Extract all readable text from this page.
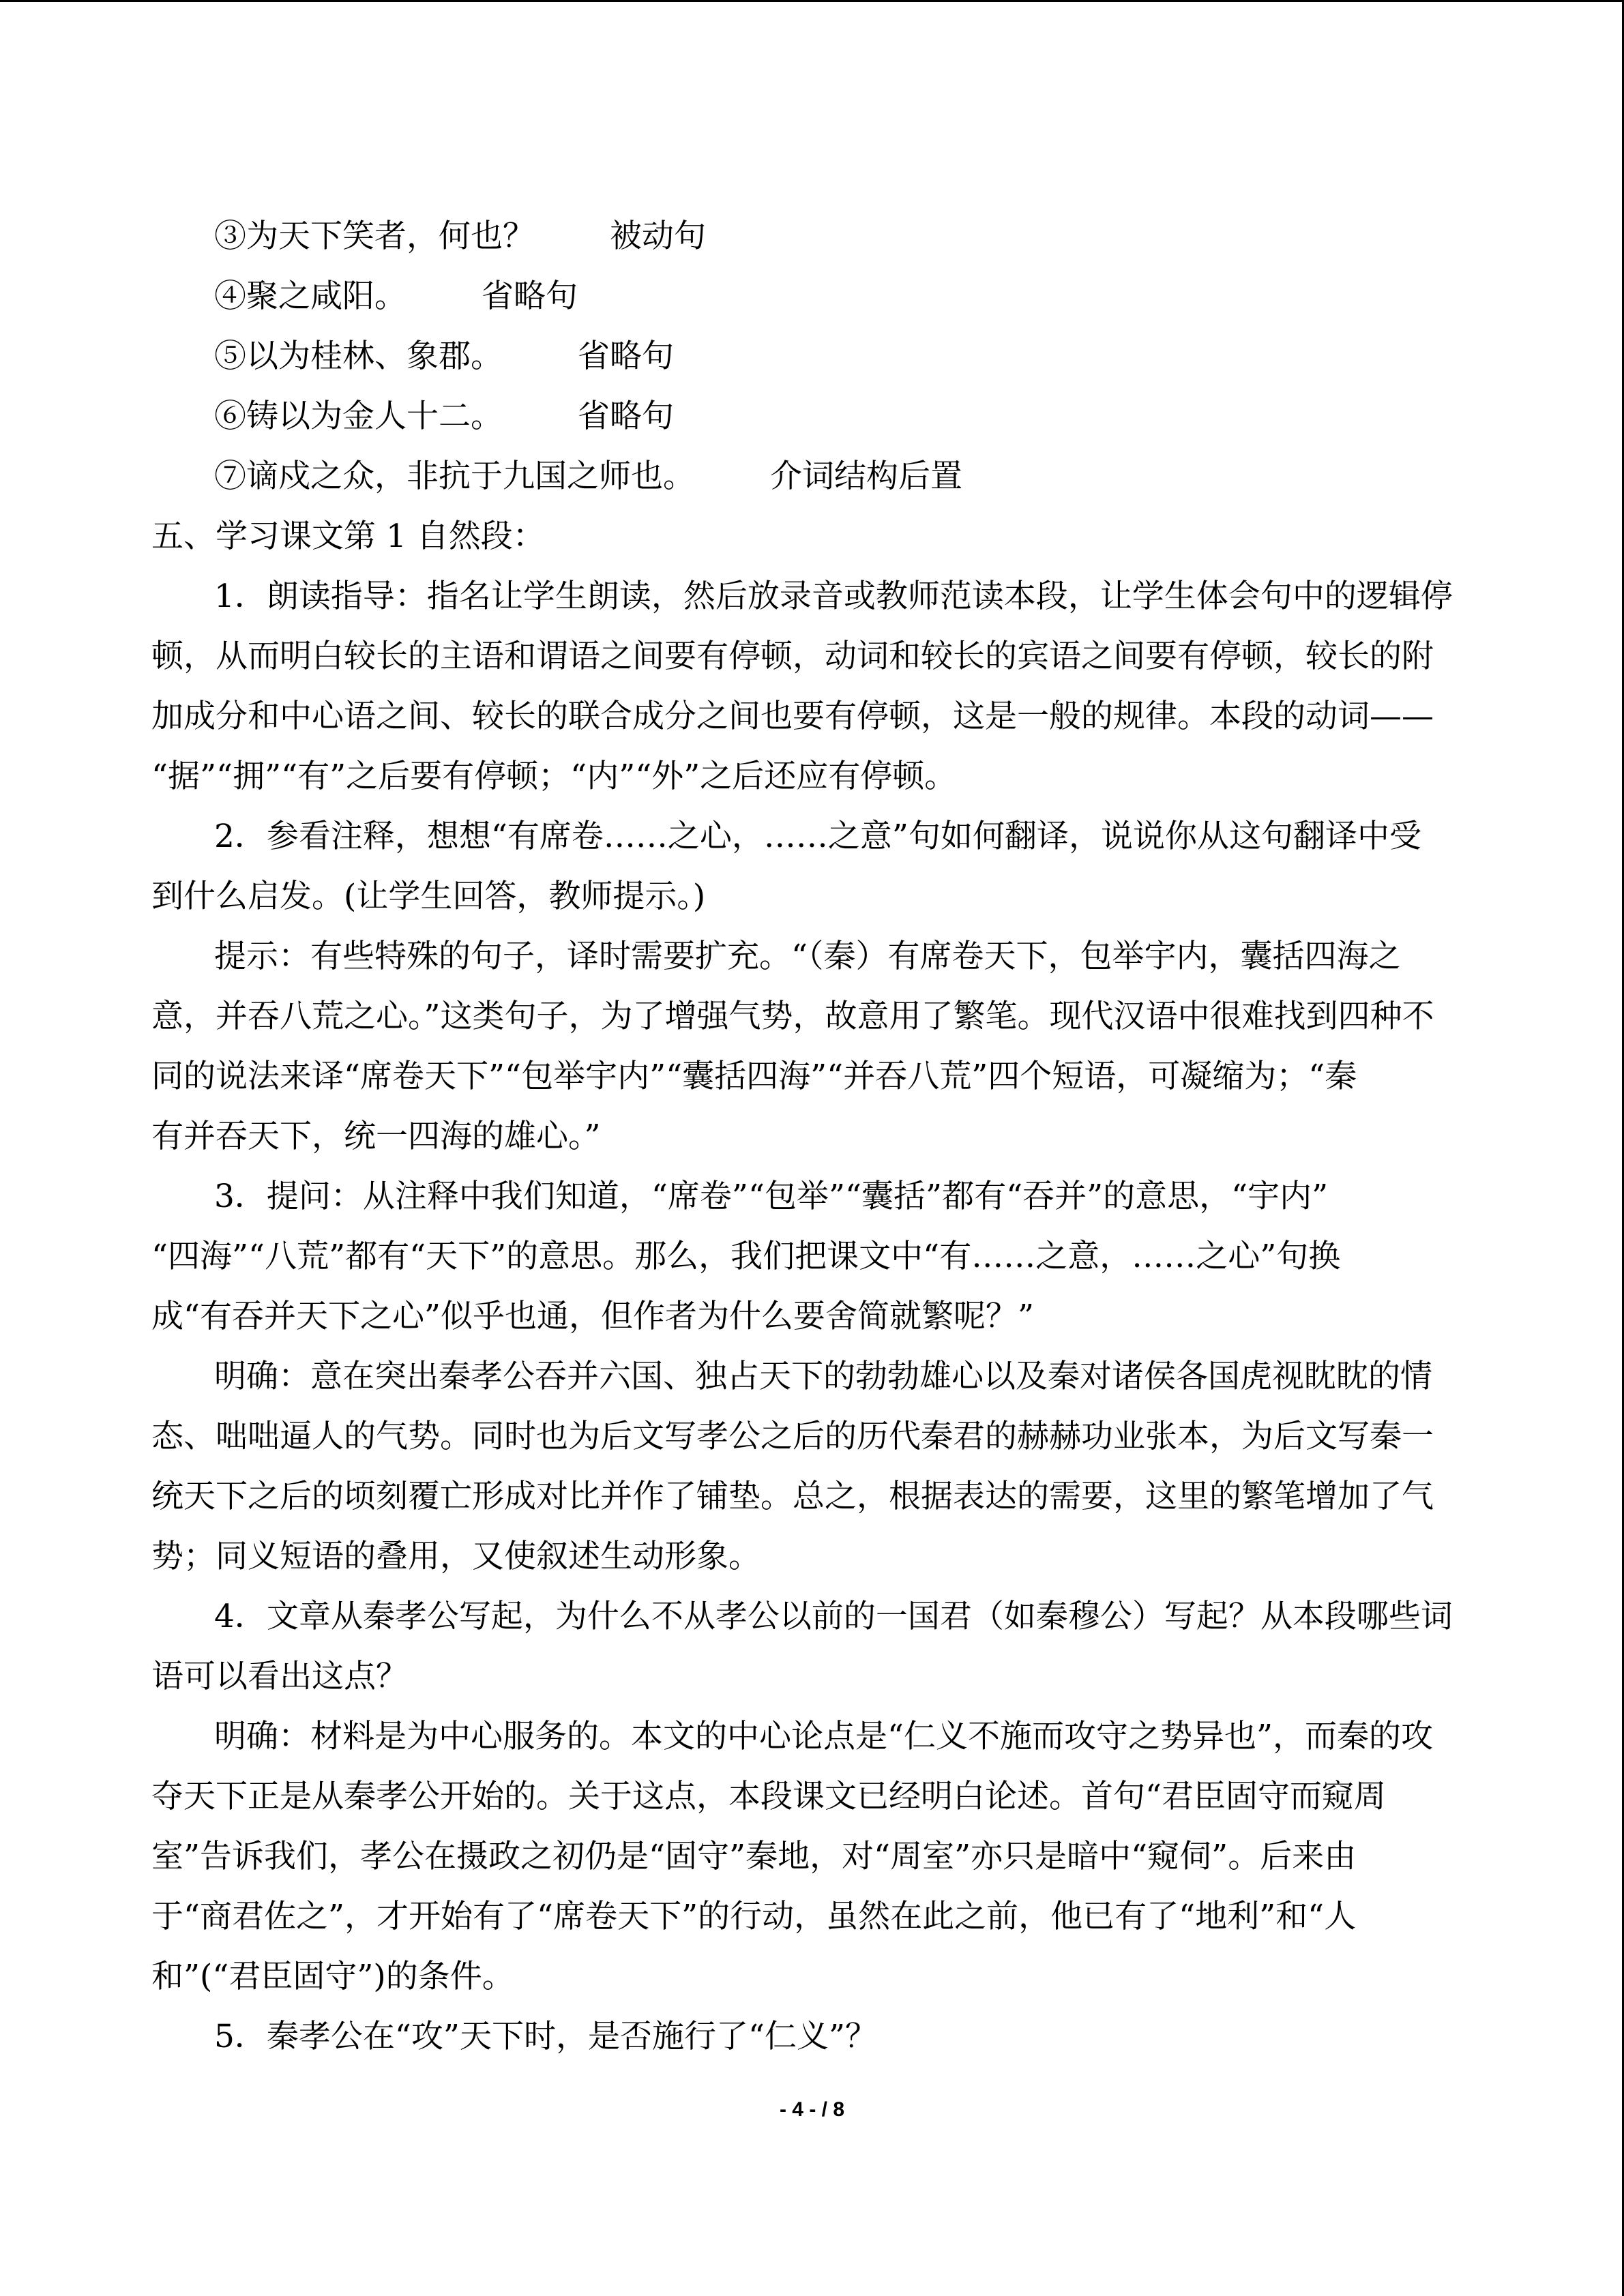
③为天下笑者，何也？ 被动句
④聚之咸阳。 省略句
⑤以为桂林、象郡。 省略句
⑥铸以为金人十二。 省略句
⑦谪戍之众，非抗于九国之师也。 介词结构后置
五、学习课文第 1 自然段：
1．朗读指导：指名让学生朗读，然后放录音或教师范读本段，让学生体会句中的逻辑停
顿，从而明白较长的主语和谓语之间要有停顿，动词和较长的宾语之间要有停顿，较长的附
加成分和中心语之间、较长的联合成分之间也要有停顿，这是一般的规律。本段的动词——
“据”“拥”“有”之后要有停顿；“内”“外”之后还应有停顿。
2．参看注释，想想“有席卷……之心，……之意”句如何翻译，说说你从这句翻译中受
到什么启发。(让学生回答，教师提示。)
提示：有些特殊的句子，译时需要扩充。“（秦）有席卷天下，包举宇内，囊括四海之
意，并吞八荒之心。”这类句子，为了增强气势，故意用了繁笔。现代汉语中很难找到四种不
同的说法来译“席卷天下”“包举宇内”“囊括四海”“并吞八荒”四个短语，可凝缩为；“秦
有并吞天下，统一四海的雄心。”
3．提问：从注释中我们知道，“席卷”“包举”“囊括”都有“吞并”的意思，“宇内”
“四海”“八荒”都有“天下”的意思。那么，我们把课文中“有……之意，……之心”句换
成“有吞并天下之心”似乎也通，但作者为什么要舍简就繁呢？”
明确：意在突出秦孝公吞并六国、独占天下的勃勃雄心以及秦对诸侯各国虎视眈眈的情
态、咄咄逼人的气势。同时也为后文写孝公之后的历代秦君的赫赫功业张本，为后文写秦一
统天下之后的顷刻覆亡形成对比并作了铺垫。总之，根据表达的需要，这里的繁笔增加了气
势；同义短语的叠用，又使叙述生动形象。
4．文章从秦孝公写起，为什么不从孝公以前的一国君（如秦穆公）写起？从本段哪些词
语可以看出这点？
明确：材料是为中心服务的。本文的中心论点是“仁义不施而攻守之势异也”，而秦的攻
夺天下正是从秦孝公开始的。关于这点，本段课文已经明白论述。首句“君臣固守而窥周
室”告诉我们，孝公在摄政之初仍是“固守”秦地，对“周室”亦只是暗中“窥伺”。后来由
于“商君佐之”，才开始有了“席卷天下”的行动，虽然在此之前，他已有了“地利”和“人
和”(“君臣固守”)的条件。
5．秦孝公在“攻”天下时，是否施行了“仁义”？
- 4 - / 8
